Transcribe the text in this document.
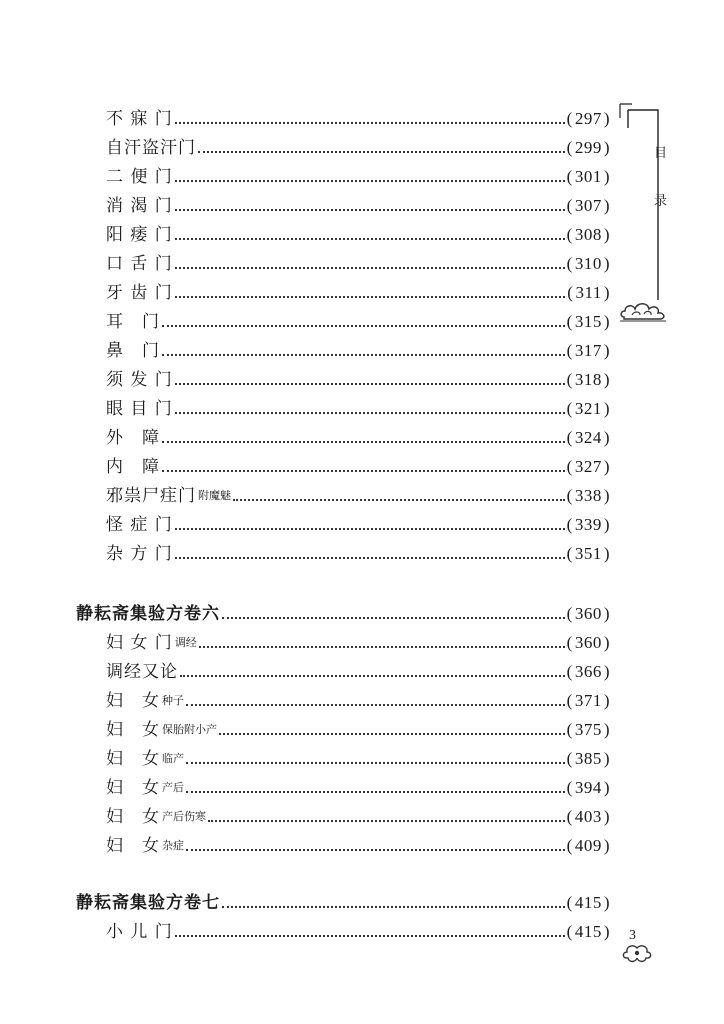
不 寐 门	( 297 )
自汗盗汗门	( 299 )
二 便 门	( 301 )
消 渴 门	( 307 )
阳 痿 门	( 308 )
口 舌 门	( 310 )
牙 齿 门	( 311 )
耳　门	( 315 )
鼻　门	( 317 )
须 发 门	( 318 )
眼 目 门	( 321 )
外　障	( 324 )
内　障	( 327 )
邪祟尸疰门 附魔魅	( 338 )
怪 症 门	( 339 )
杂 方 门	( 351 )
静耘斋集验方卷六	( 360 )
妇 女 门 调经	( 360 )
调经又论	( 366 )
妇　女 种子	( 371 )
妇　女 保胎附小产	( 375 )
妇　女 临产	( 385 )
妇　女 产后	( 394 )
妇　女 产后伤寒	( 403 )
妇　女 杂症	( 409 )
静耘斋集验方卷七	( 415 )
小 儿 门	( 415 )
目
录
3
